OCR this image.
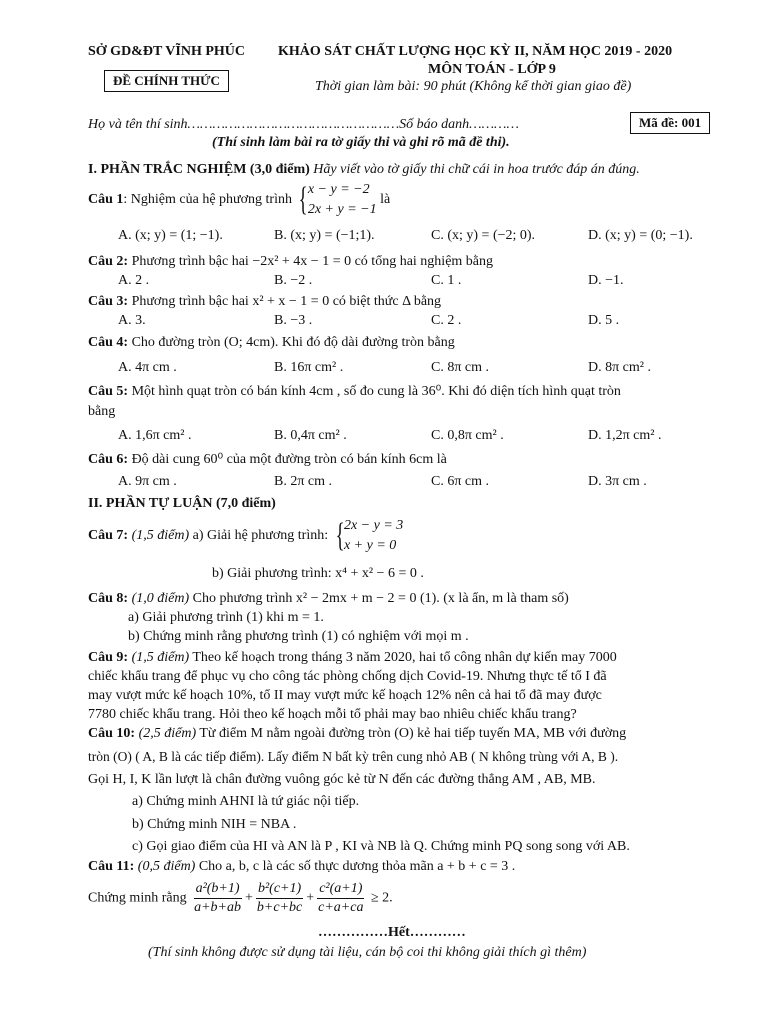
SỞ GD&ĐT VĨNH PHÚC
ĐỀ CHÍNH THỨC
KHẢO SÁT CHẤT LƯỢNG HỌC KỲ II, NĂM HỌC 2019 - 2020
MÔN TOÁN - LỚP 9
Thời gian làm bài: 90 phút (Không kể thời gian giao đề)
Họ và tên thí sinh……………………………………………Số báo danh…………	Mã đề: 001
(Thí sinh làm bài ra tờ giấy thi và ghi rõ mã đề thi).
I. PHẦN TRẮC NGHIỆM (3,0 điểm) Hãy viết vào tờ giấy thi chữ cái in hoa trước đáp án đúng.
Câu 1: Nghiệm của hệ phương trình { x − y = −2
2x + y = −1
là
A. (x; y) = (1; −1).	B. (x; y) = (−1;1).	C. (x; y) = (−2; 0).	D. (x; y) = (0; −1).
Câu 2: Phương trình bậc hai −2x² + 4x − 1 = 0 có tổng hai nghiệm bằng
A. 2 .	B. −2 .	C. 1 .	D. −1.
Câu 3: Phương trình bậc hai x² + x − 1 = 0 có biệt thức Δ bằng
A. 3.	B. −3 .	C. 2 .	D. 5 .
Câu 4: Cho đường tròn (O; 4cm). Khi đó độ dài đường tròn bằng
A. 4π cm .	B. 16π cm² .	C. 8π cm .	D. 8π cm² .
Câu 5: Một hình quạt tròn có bán kính 4cm , số đo cung là 36⁰. Khi đó diện tích hình quạt tròn
bằng
A. 1,6π cm² .	B. 0,4π cm² .	C. 0,8π cm² .	D. 1,2π cm² .
Câu 6: Độ dài cung 60⁰ của một đường tròn có bán kính 6cm là
A. 9π cm .	B. 2π cm .	C. 6π cm .	D. 3π cm .
II. PHẦN TỰ LUẬN (7,0 điểm)
Câu 7: (1,5 điểm) a) Giải hệ phương trình: { 2x − y = 3
x + y = 0
b) Giải phương trình: x⁴ + x² − 6 = 0 .
Câu 8: (1,0 điểm) Cho phương trình x² − 2mx + m − 2 = 0 (1). (x là ẩn, m là tham số)
a) Giải phương trình (1) khi m = 1.
b) Chứng minh rằng phương trình (1) có nghiệm với mọi m .
Câu 9: (1,5 điểm) Theo kế hoạch trong tháng 3 năm 2020, hai tổ công nhân dự kiến may 7000
chiếc khẩu trang để phục vụ cho công tác phòng chống dịch Covid-19. Nhưng thực tế tổ I đã
may vượt mức kế hoạch 10%, tổ II may vượt mức kế hoạch 12% nên cả hai tổ đã may được
7780 chiếc khẩu trang. Hỏi theo kế hoạch mỗi tổ phải may bao nhiêu chiếc khẩu trang?
Câu 10: (2,5 điểm) Từ điểm M nằm ngoài đường tròn (O) kẻ hai tiếp tuyến MA, MB với đường
tròn (O) ( A, B là các tiếp điểm). Lấy điểm N bất kỳ trên cung nhỏ AB ( N không trùng với A, B ).
Gọi H, I, K lần lượt là chân đường vuông góc kẻ từ N đến các đường thẳng AM , AB, MB.
a) Chứng minh AHNI là tứ giác nội tiếp.
b) Chứng minh NIH = NBA .
c) Gọi giao điểm của HI và AN là P , KI và NB là Q. Chứng minh PQ song song với AB.
Câu 11: (0,5 điểm) Cho a, b, c là các số thực dương thỏa mãn a + b + c = 3 .
Chứng minh rằng $\frac{\text{a²(b+1)}}{a+b+ab} + \frac{\text{b²(c+1)}}{b+c+bc} + \frac{\text{c²(a+1)}}{c+a+ca} \ge 2$.
……………Hết…………
(Thí sinh không được sử dụng tài liệu, cán bộ coi thi không giải thích gì thêm)
